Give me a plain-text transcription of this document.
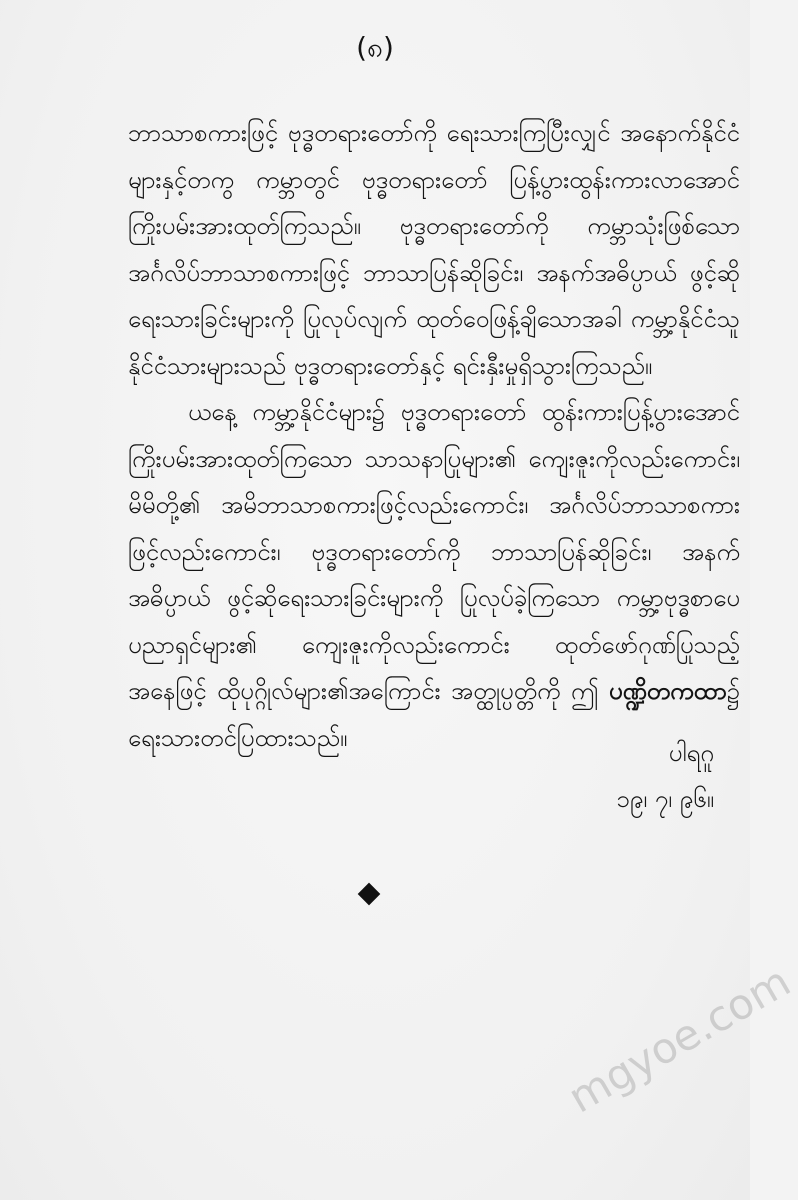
(၈)

ဘာသာစကားဖြင့် ဗုဒ္ဓတရားတော်ကို ရေးသားကြပြီးလျှင် အနောက်နိုင်ငံများနှင့်တကွ ကမ္ဘာတွင် ဗုဒ္ဓတရားတော် ပြန့်ပွားထွန်းကားလာအောင် ကြိုးပမ်းအားထုတ်ကြသည်။ ဗုဒ္ဓတရားတော်ကို ကမ္ဘာသုံးဖြစ်သော အင်္ဂလိပ်ဘာသာစကားဖြင့် ဘာသာပြန်ဆိုခြင်း၊ အနက်အဓိပ္ပာယ် ဖွင့်ဆိုရေးသားခြင်းများကို ပြုလုပ်လျက် ထုတ်ဝေဖြန့်ချိသောအခါ ကမ္ဘာ့နိုင်ငံသူ နိုင်ငံသားများသည် ဗုဒ္ဓတရားတော်နှင့် ရင်းနှီးမှုရှိသွားကြသည်။

ယနေ့ ကမ္ဘာ့နိုင်ငံများ၌ ဗုဒ္ဓတရားတော် ထွန်းကားပြန့်ပွားအောင် ကြိုးပမ်းအားထုတ်ကြသော သာသနာပြုများ၏ ကျေးဇူးကိုလည်းကောင်း၊ မိမိတို့၏ အမိဘာသာစကားဖြင့်လည်းကောင်း၊ အင်္ဂလိပ်ဘာသာစကားဖြင့်လည်းကောင်း၊ ဗုဒ္ဓတရားတော်ကို ဘာသာပြန်ဆိုခြင်း၊ အနက်အဓိပ္ပာယ် ဖွင့်ဆိုရေးသားခြင်းများကို ပြုလုပ်ခဲ့ကြသော ကမ္ဘာ့ဗုဒ္ဓစာပေ ပညာရှင်များ၏ ကျေးဇူးကိုလည်းကောင်း ထုတ်ဖော်ဂုဏ်ပြုသည့်အနေဖြင့် ထိုပုဂ္ဂိုလ်များ၏အကြောင်း အတ္ထုပ္ပတ္တိကို ဤ ပဏ္ဍိတကထာ၌ ရေးသားတင်ပြထားသည်။

ပါရဂူ
၁၉၊ ၇၊ ၉၆။
mgyoe.com
